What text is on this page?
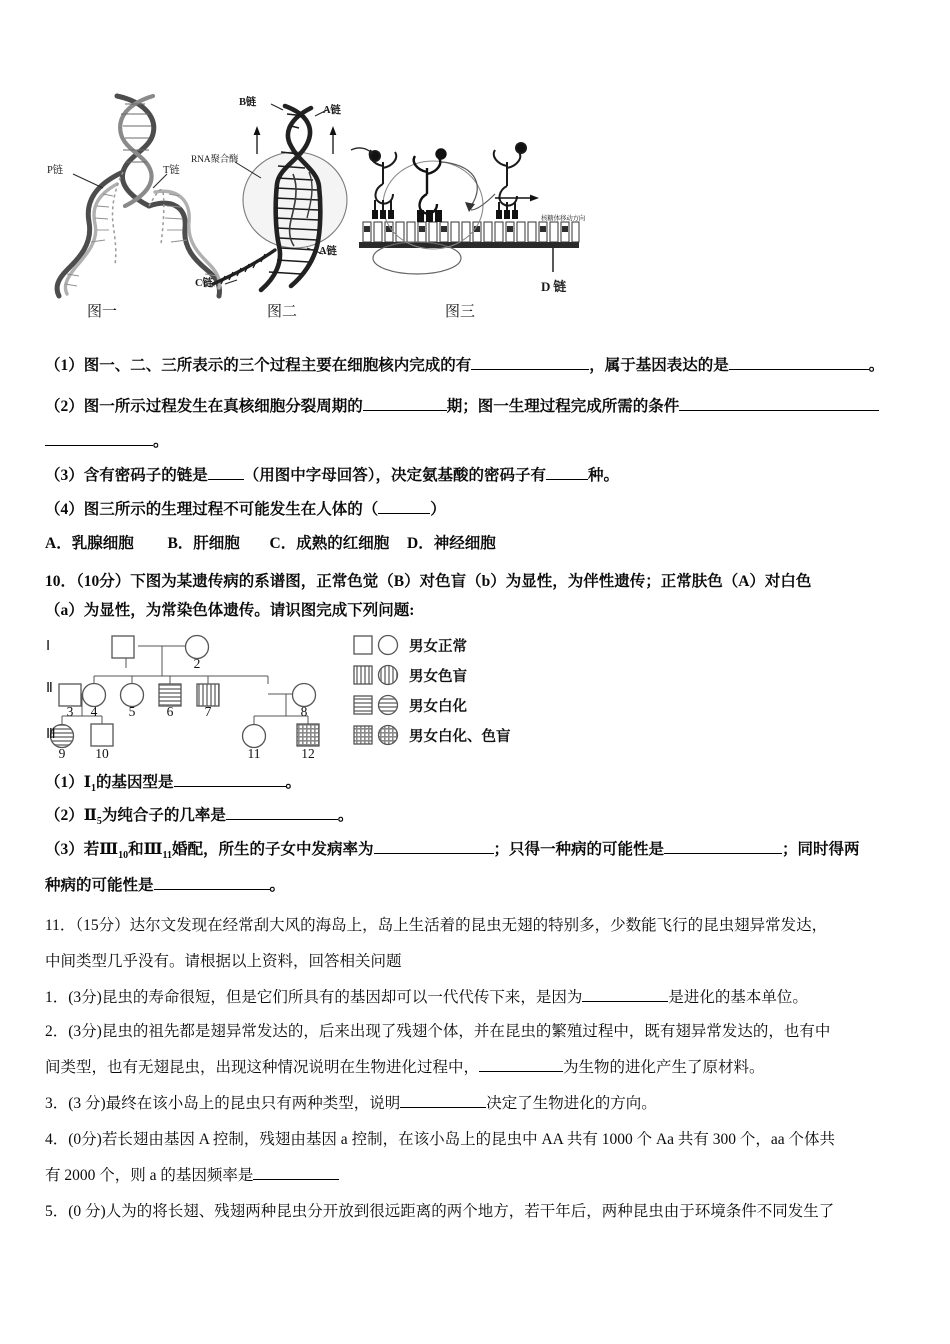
P链	T链
B链
A链
RNA聚合酶
A链
C链
核糖体移动方向
D 链
图一	图二	图三
（1）图一、二、三所表示的三个过程主要在细胞核内完成的有	，属于基因表达的是	。
（2）图一所示过程发生在真核细胞分裂周期的	期；图一生理过程完成所需的条件
。
（3）含有密码子的链是 （用图中字母回答），决定氨基酸的密码子有	种。
（4）图三所示的生理过程不可能发生在人体的（	）
A．乳腺细胞 B．肝细胞 C．成熟的红细胞 D．神经细胞
10．（10分）下图为某遗传病的系谱图，正常色觉（B）对色盲（b）为显性，为伴性遗传；正常肤色（A）对白色
（a）为显性，为常染色体遗传。请识图完成下列问题:
Ⅰ
Ⅱ
Ⅲ
2
3	4	5	6	7	8
9	10	11	12
男女正常
男女色盲
男女白化
男女白化、色盲
$(1)Ⅰ_1$的基因型是	。
$(2)Ⅱ_5$为纯合子的几率是	。
（3）若$Ⅲ_{10}$和$Ⅲ_{11}$婚配，所生的子女中发病率为	；只得一种病的可能性是	；同时得两
种病的可能性是	。
11．（15分）达尔文发现在经常刮大风的海岛上，岛上生活着的昆虫无翅的特别多，少数能飞行的昆虫翅异常发达，
中间类型几乎没有。请根据以上资料，回答相关问题
1．(3分)昆虫的寿命很短，但是它们所具有的基因却可以一代代传下来，是因为	是进化的基本单位。
2．(3分)昆虫的祖先都是翅异常发达的，后来出现了残翅个体，并在昆虫的繁殖过程中，既有翅异常发达的，也有中
间类型，也有无翅昆虫，出现这种情况说明在生物进化过程中，	为生物的进化产生了原材料。
3．(3 分)最终在该小岛上的昆虫只有两种类型，说明	决定了生物进化的方向。
4．(0分)若长翅由基因 A 控制，残翅由基因 a 控制，在该小岛上的昆虫中 AA 共有 1000 个 Aa 共有 300 个，aa 个体共
有 2000 个，则 a 的基因频率是
5．(0 分)人为的将长翅、残翅两种昆虫分开放到很远距离的两个地方，若干年后，两种昆虫由于环境条件不同发生了
